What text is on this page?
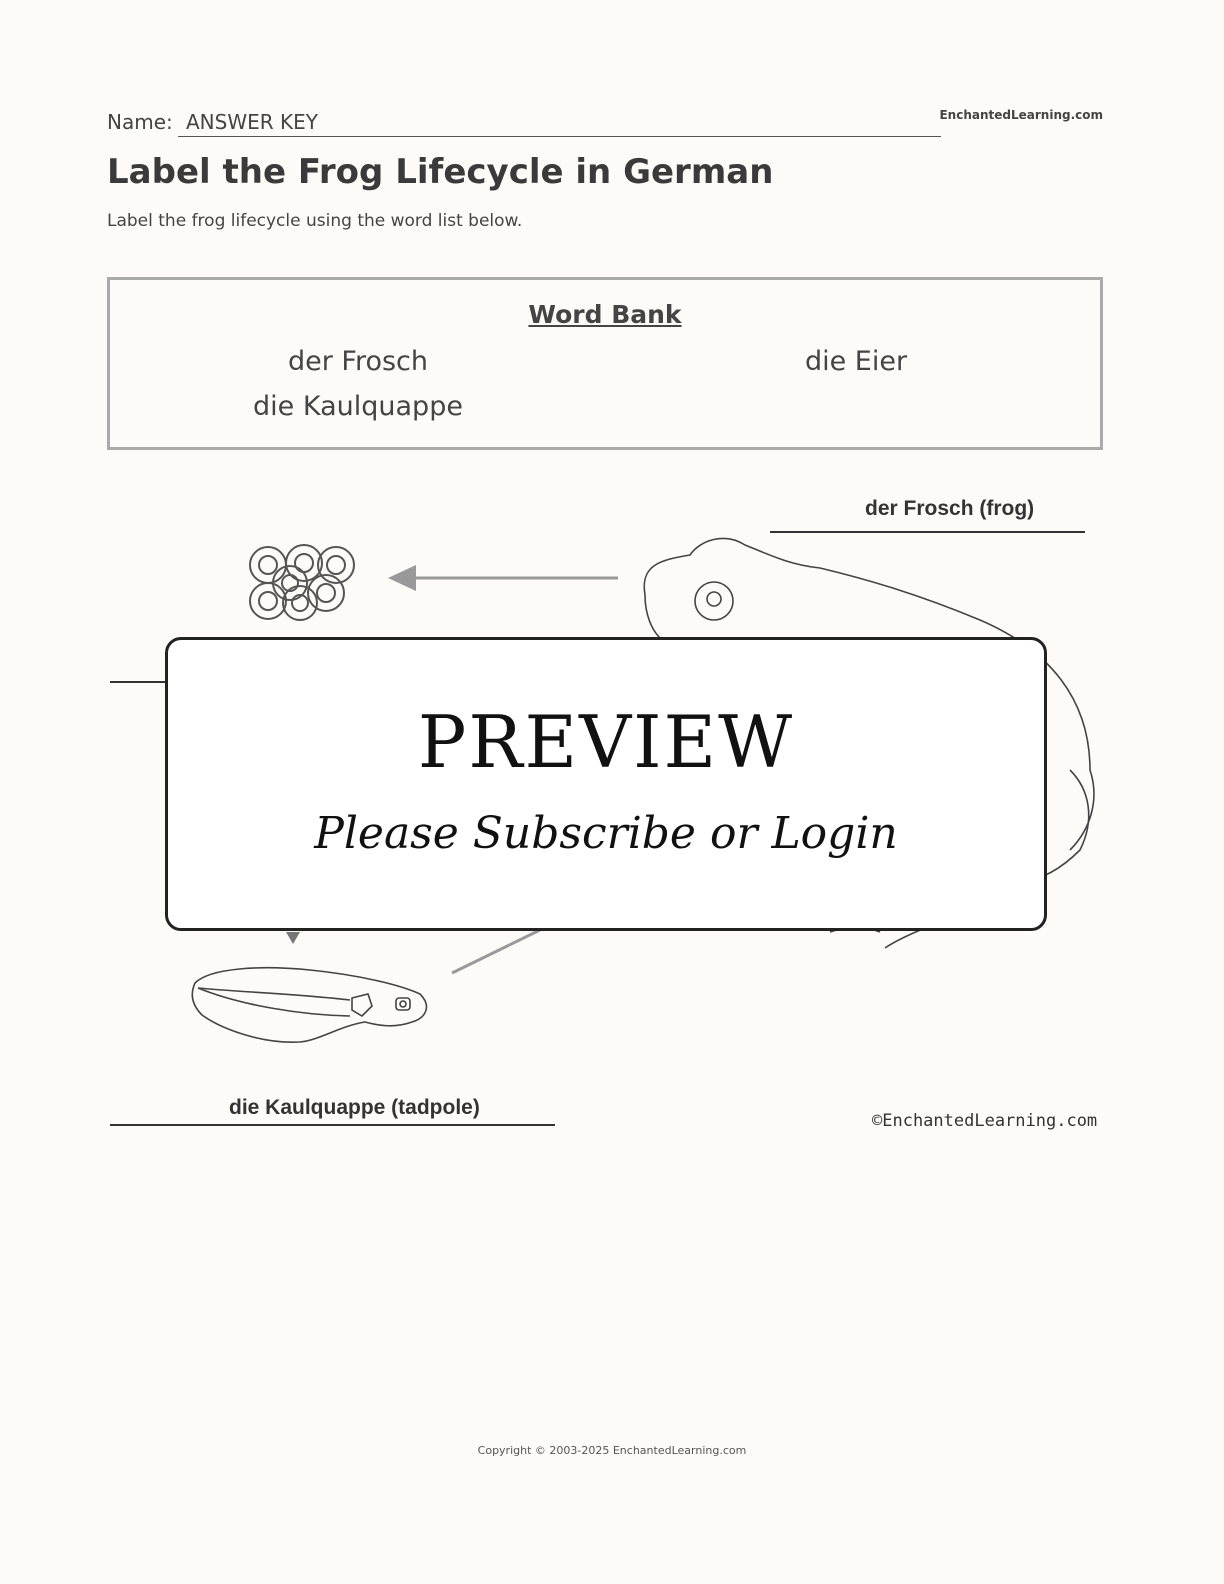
Name: ANSWER KEY	EnchantedLearning.com
Label the Frog Lifecycle in German
Label the frog lifecycle using the word list below.
Word Bank
der Frosch	die Eier
die Kaulquappe
der Frosch (frog)
die Kaulquappe (tadpole)
©EnchantedLearning.com
PREVIEW
Please Subscribe or Login
Copyright © 2003-2025 EnchantedLearning.com
